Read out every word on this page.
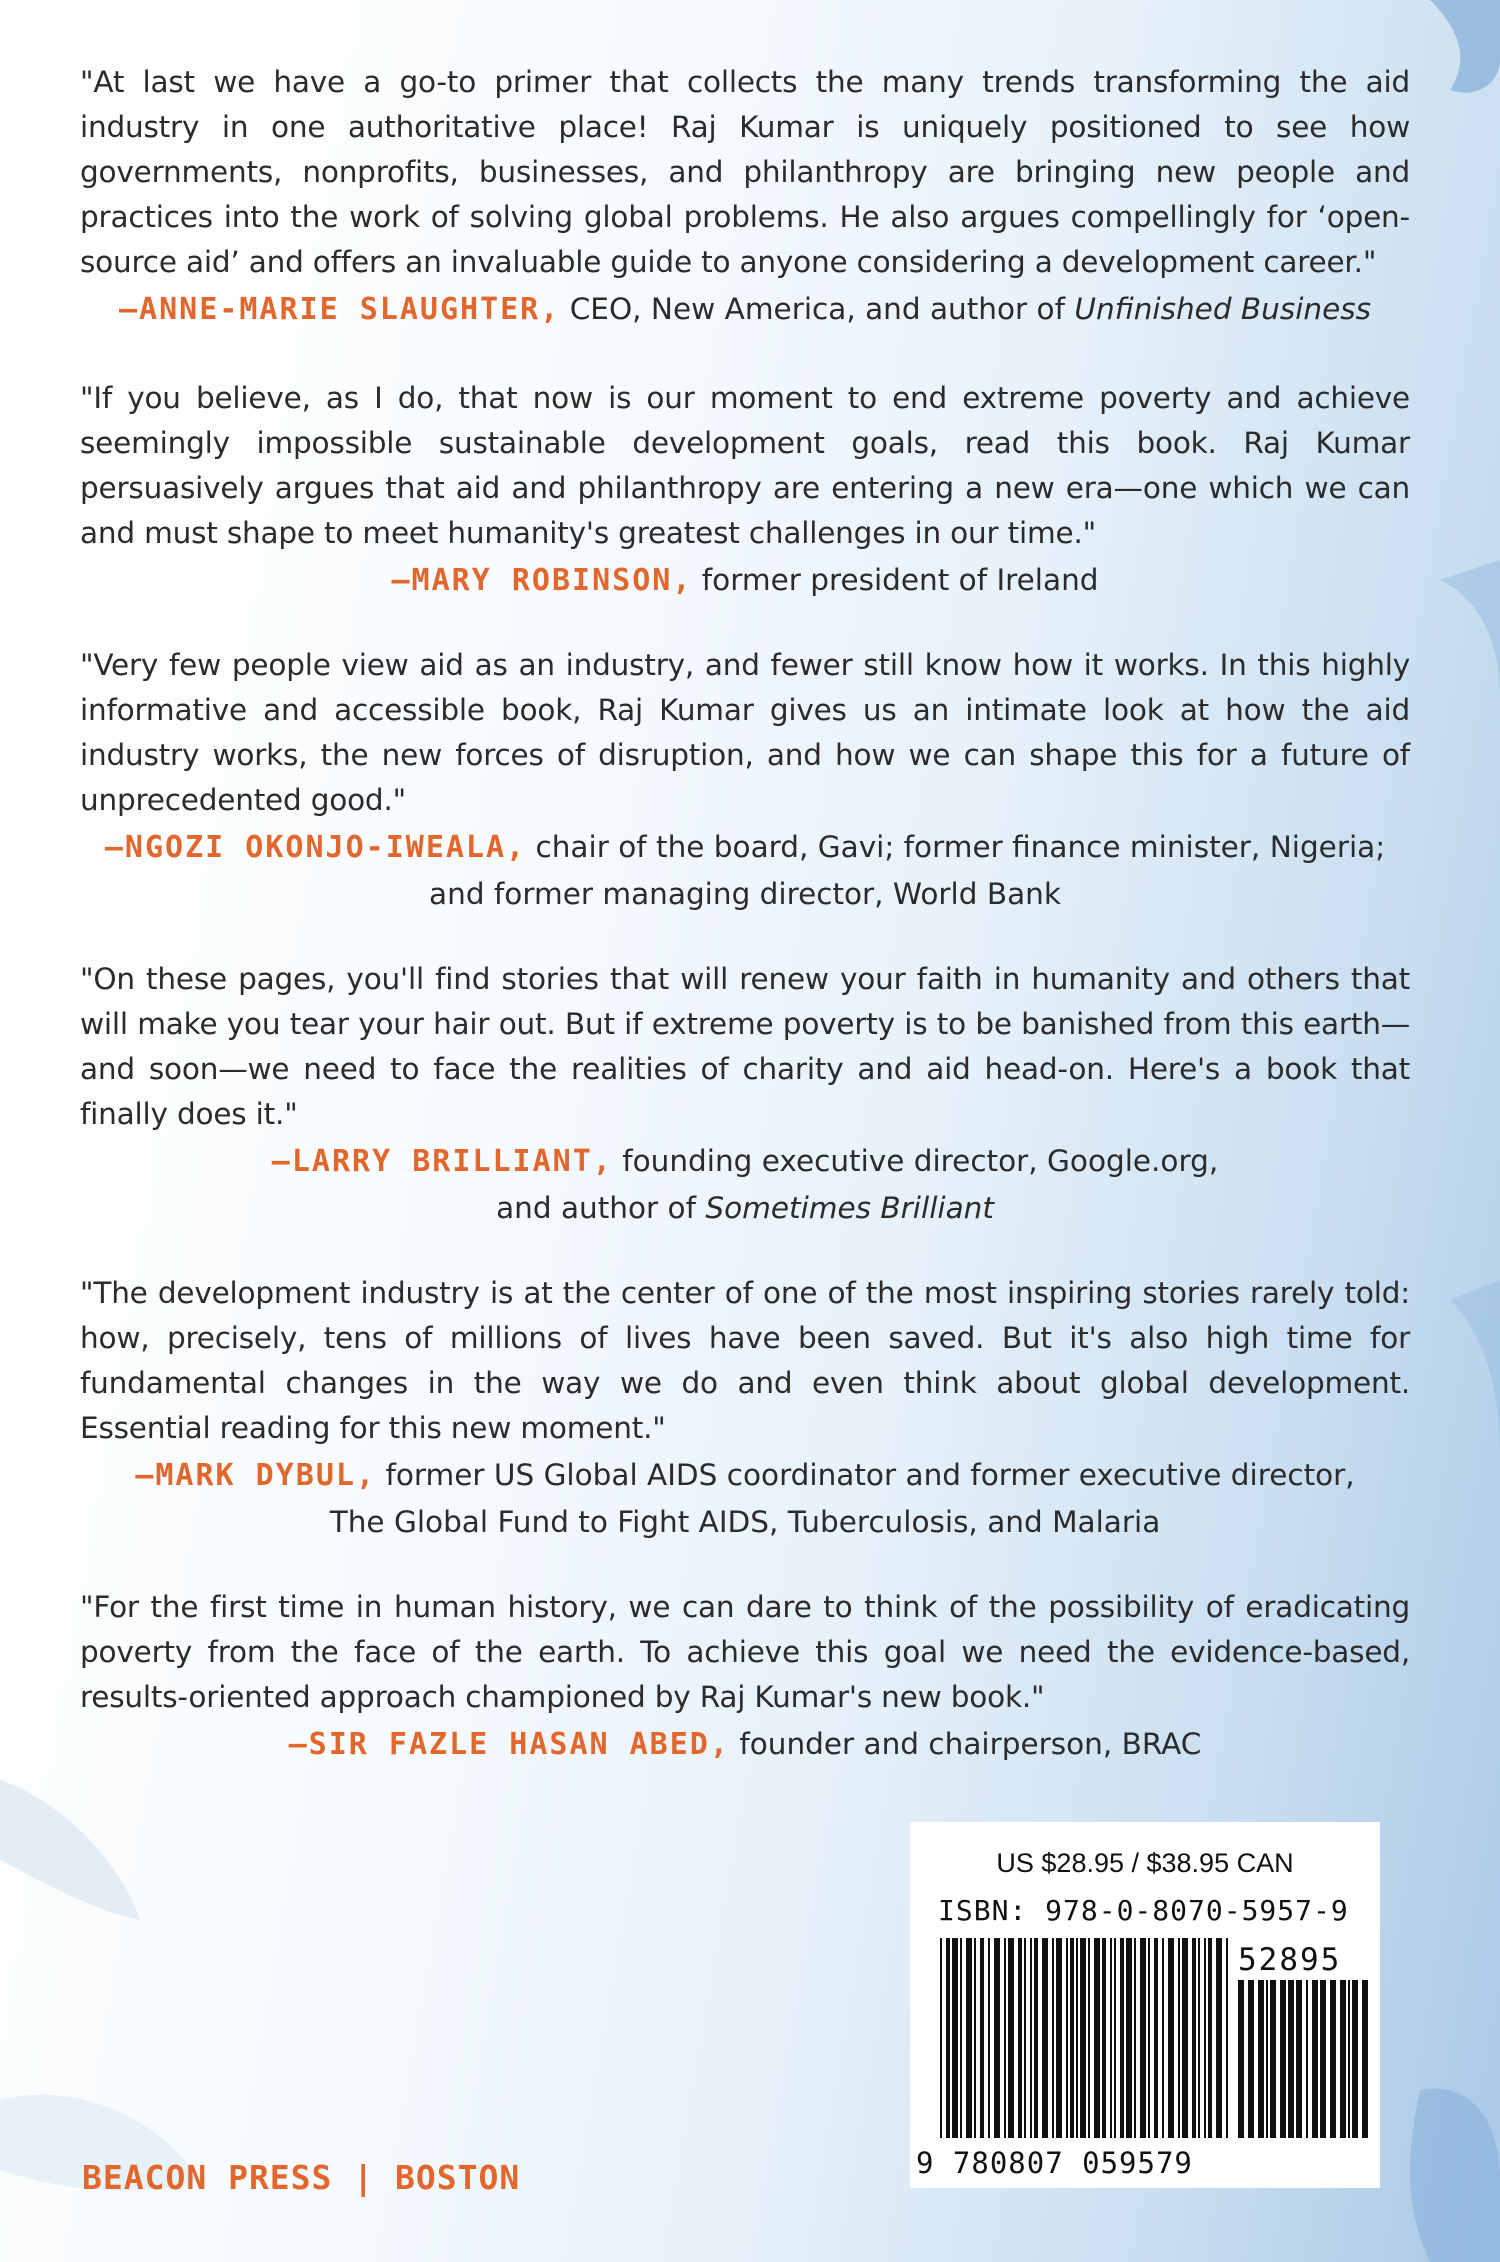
"At last we have a go-to primer that collects the many trends transforming the aid industry in one authoritative place! Raj Kumar is uniquely positioned to see how governments, nonprofits, businesses, and philanthropy are bringing new people and practices into the work of solving global problems. He also argues compellingly for ‘open-source aid’ and offers an invaluable guide to anyone considering a development career."

—ANNE-MARIE SLAUGHTER, CEO, New America, and author of Unfinished Business

"If you believe, as I do, that now is our moment to end extreme poverty and achieve seemingly impossible sustainable development goals, read this book. Raj Kumar persuasively argues that aid and philanthropy are entering a new era—one which we can and must shape to meet humanity's greatest challenges in our time."

—MARY ROBINSON, former president of Ireland

"Very few people view aid as an industry, and fewer still know how it works. In this highly informative and accessible book, Raj Kumar gives us an intimate look at how the aid industry works, the new forces of disruption, and how we can shape this for a future of unprecedented good."

—NGOZI OKONJO-IWEALA, chair of the board, Gavi; former finance minister, Nigeria;
and former managing director, World Bank

"On these pages, you'll find stories that will renew your faith in humanity and others that will make you tear your hair out. But if extreme poverty is to be banished from this earth—and soon—we need to face the realities of charity and aid head-on. Here's a book that finally does it."

—LARRY BRILLIANT, founding executive director, Google.org,
and author of Sometimes Brilliant

"The development industry is at the center of one of the most inspiring stories rarely told: how, precisely, tens of millions of lives have been saved. But it's also high time for fundamental changes in the way we do and even think about global development. Essential reading for this new moment."

—MARK DYBUL, former US Global AIDS coordinator and former executive director,
The Global Fund to Fight AIDS, Tuberculosis, and Malaria

"For the first time in human history, we can dare to think of the possibility of eradicating poverty from the face of the earth. To achieve this goal we need the evidence-based, results-oriented approach championed by Raj Kumar's new book."

—SIR FAZLE HASAN ABED, founder and chairperson, BRAC
US $28.95 / $38.95 CAN
ISBN: 978-0-8070-5957-9
52895
9 780807 059579
BEACON PRESS | BOSTON
